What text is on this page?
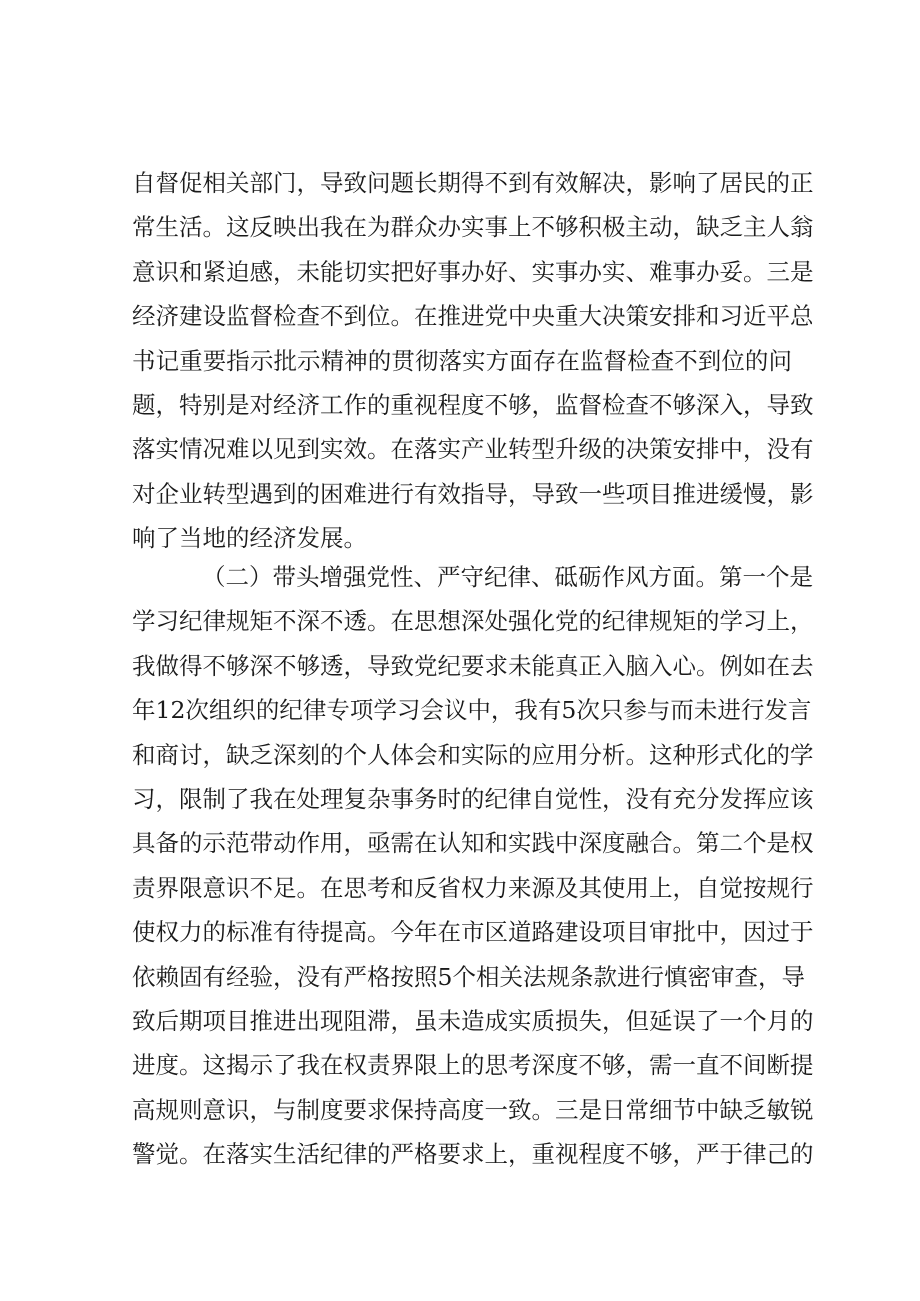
自督促相关部门，导致问题长期得不到有效解决，影响了居民的正
常生活。这反映出我在为群众办实事上不够积极主动，缺乏主人翁
意识和紧迫感，未能切实把好事办好、实事办实、难事办妥。三是
经济建设监督检查不到位。在推进党中央重大决策安排和习近平总
书记重要指示批示精神的贯彻落实方面存在监督检查不到位的问
题，特别是对经济工作的重视程度不够，监督检查不够深入，导致
落实情况难以见到实效。在落实产业转型升级的决策安排中，没有
对企业转型遇到的困难进行有效指导，导致一些项目推进缓慢，影
响了当地的经济发展。
（二）带头增强党性、严守纪律、砥砺作风方面。第一个是
学习纪律规矩不深不透。在思想深处强化党的纪律规矩的学习上，
我做得不够深不够透，导致党纪要求未能真正入脑入心。例如在去
年12次组织的纪律专项学习会议中，我有5次只参与而未进行发言
和商讨，缺乏深刻的个人体会和实际的应用分析。这种形式化的学
习，限制了我在处理复杂事务时的纪律自觉性，没有充分发挥应该
具备的示范带动作用，亟需在认知和实践中深度融合。第二个是权
责界限意识不足。在思考和反省权力来源及其使用上，自觉按规行
使权力的标准有待提高。今年在市区道路建设项目审批中，因过于
依赖固有经验，没有严格按照5个相关法规条款进行慎密审查，导
致后期项目推进出现阻滞，虽未造成实质损失，但延误了一个月的
进度。这揭示了我在权责界限上的思考深度不够，需一直不间断提
高规则意识，与制度要求保持高度一致。三是日常细节中缺乏敏锐
警觉。在落实生活纪律的严格要求上，重视程度不够，严于律己的
